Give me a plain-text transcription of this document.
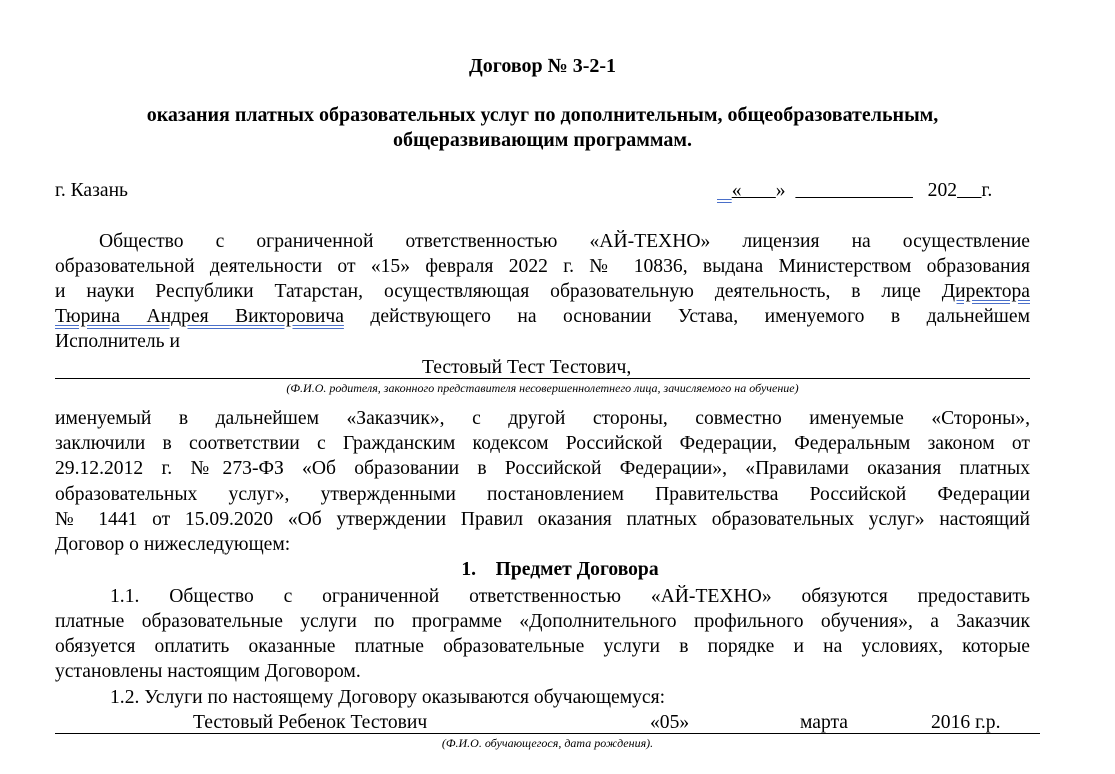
Договор № 3-2-1
оказания платных образовательных услуг по дополнительным, общеобразовательным,
общеразвивающим программам.
г. Казань	« »	202 г.
Общество с ограниченной ответственностью «АЙ-ТЕХНО» лицензия на осуществление
образовательной деятельности от «15» февраля 2022 г. № 10836, выдана Министерством образования
и науки Республики Татарстан, осуществляющая образовательную деятельность, в лице Директора
Тюрина Андрея Викторовича действующего на основании Устава, именуемого в дальнейшем
Исполнитель и
Тестовый Тест Тестович,
(Ф.И.О. родителя, законного представителя несовершеннолетнего лица, зачисляемого на обучение)
именуемый в дальнейшем «Заказчик», с другой стороны, совместно именуемые «Стороны»,
заключили в соответствии с Гражданским кодексом Российской Федерации, Федеральным законом от
29.12.2012 г. №273-ФЗ «Об образовании в Российской Федерации», «Правилами оказания платных
образовательных услуг», утвержденными постановлением Правительства Российской Федерации
№ 1441 от 15.09.2020 «Об утверждении Правил оказания платных образовательных услуг» настоящий
Договор о нижеследующем:
1. Предмет Договора
1.1. Общество с ограниченной ответственностью «АЙ-ТЕХНО» обязуются предоставить
платные образовательные услуги по программе «Дополнительного профильного обучения», а Заказчик
обязуется оплатить оказанные платные образовательные услуги в порядке и на условиях, которые
установлены настоящим Договором.
1.2. Услуги по настоящему Договору оказываются обучающемуся:
Тестовый Ребенок Тестович	«05»	марта	2016 г.р.
(Ф.И.О. обучающегося, дата рождения).
